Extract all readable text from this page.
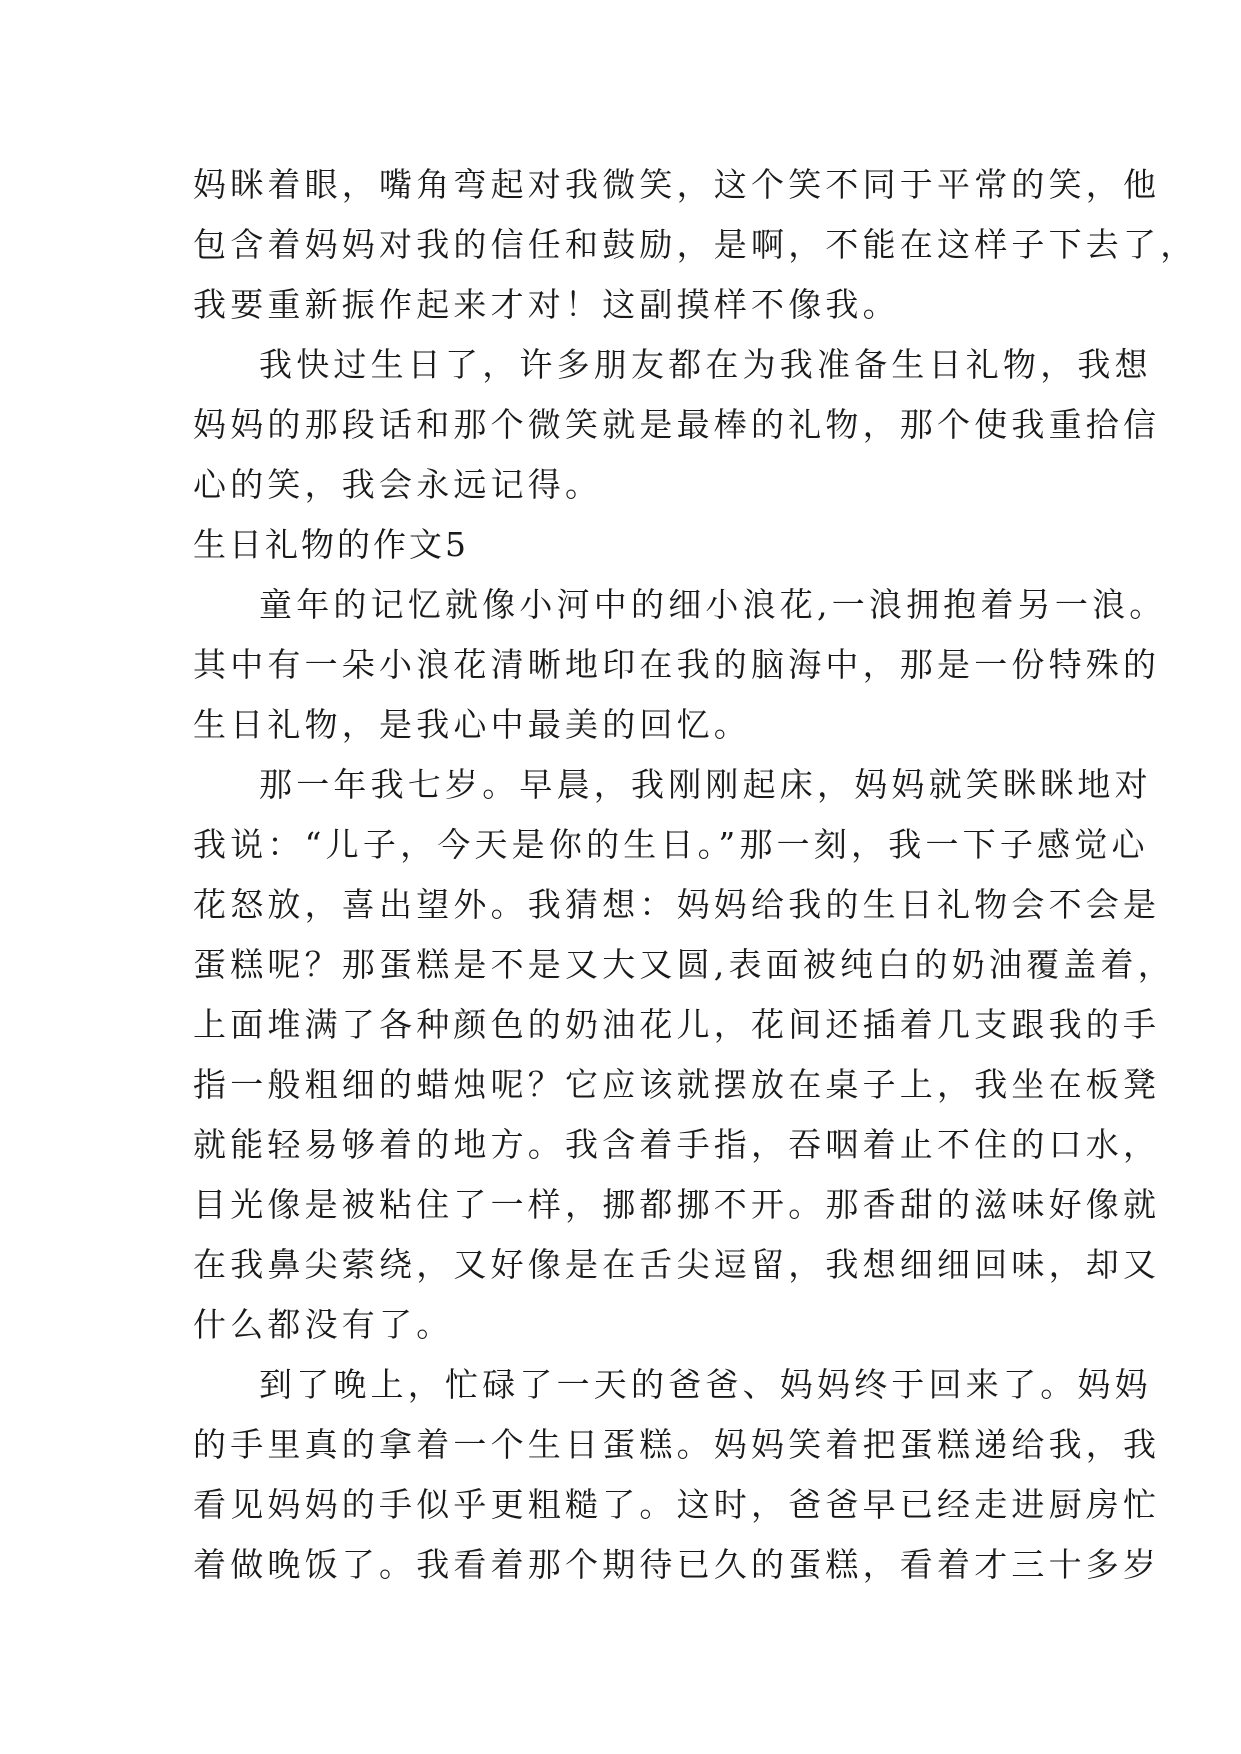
妈眯着眼，嘴角弯起对我微笑，这个笑不同于平常的笑，他
包含着妈妈对我的信任和鼓励，是啊，不能在这样子下去了，
我要重新振作起来才对！这副摸样不像我。
我快过生日了，许多朋友都在为我准备生日礼物，我想
妈妈的那段话和那个微笑就是最棒的礼物，那个使我重拾信
心的笑，我会永远记得。
生日礼物的作文5
童年的记忆就像小河中的细小浪花,一浪拥抱着另一浪。
其中有一朵小浪花清晰地印在我的脑海中，那是一份特殊的
生日礼物，是我心中最美的回忆。
那一年我七岁。早晨，我刚刚起床，妈妈就笑眯眯地对
我说：“儿子，今天是你的生日。”那一刻，我一下子感觉心
花怒放，喜出望外。我猜想：妈妈给我的生日礼物会不会是
蛋糕呢？那蛋糕是不是又大又圆,表面被纯白的奶油覆盖着，
上面堆满了各种颜色的奶油花儿，花间还插着几支跟我的手
指一般粗细的蜡烛呢？它应该就摆放在桌子上，我坐在板凳
就能轻易够着的地方。我含着手指，吞咽着止不住的口水，
目光像是被粘住了一样，挪都挪不开。那香甜的滋味好像就
在我鼻尖萦绕，又好像是在舌尖逗留，我想细细回味，却又
什么都没有了。
到了晚上，忙碌了一天的爸爸、妈妈终于回来了。妈妈
的手里真的拿着一个生日蛋糕。妈妈笑着把蛋糕递给我，我
看见妈妈的手似乎更粗糙了。这时，爸爸早已经走进厨房忙
着做晚饭了。我看着那个期待已久的蛋糕，看着才三十多岁
